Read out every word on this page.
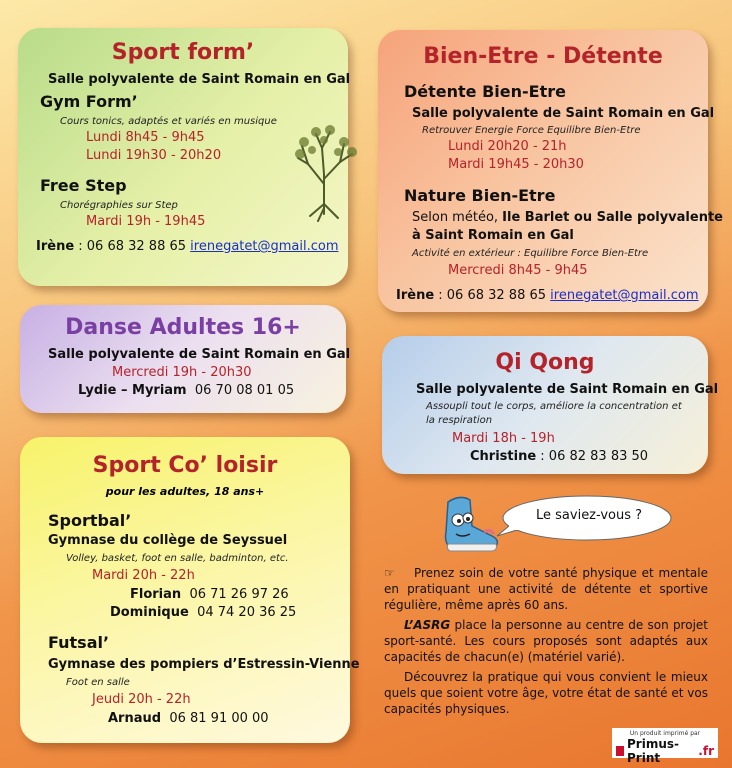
Sport form’
Salle polyvalente de Saint Romain en Gal
Gym Form’
Cours tonics, adaptés et variés en musique
Lundi 8h45 - 9h45
Lundi 19h30 - 20h20
Free Step
Chorégraphies sur Step
Mardi 19h - 19h45
Irène : 06 68 32 88 65 irenegatet@gmail.com
Bien-Etre - Détente
Détente Bien-Etre
Salle polyvalente de Saint Romain en Gal
Retrouver Energie Force Equilibre Bien-Etre
Lundi 20h20 - 21h
Mardi 19h45 - 20h30
Nature Bien-Etre
Selon météo, Ile Barlet ou Salle polyvalente
à Saint Romain en Gal
Activité en extérieur : Equilibre Force Bien-Etre
Mercredi 8h45 - 9h45
Irène : 06 68 32 88 65 irenegatet@gmail.com
Danse Adultes 16+
Salle polyvalente de Saint Romain en Gal
Mercredi 19h - 20h30
Lydie – Myriam 06 70 08 01 05
Qi Qong
Salle polyvalente de Saint Romain en Gal
Assoupli tout le corps, améliore la concentration et
la respiration
Mardi 18h - 19h
Christine : 06 82 83 83 50
Sport Co’ loisir
pour les adultes, 18 ans+
Sportbal’
Gymnase du collège de Seyssuel
Volley, basket, foot en salle, badminton, etc.
Mardi 20h - 22h
Florian 06 71 26 97 26
Dominique 04 74 20 36 25
Futsal’
Gymnase des pompiers d’Estressin-Vienne
Foot en salle
Jeudi 20h - 22h
Arnaud 06 81 91 00 00
Le saviez-vous ?

☞ Prenez soin de votre santé physique et mentale en pratiquant une activité de détente et sportive régulière, même après 60 ans.

L’ASRG place la personne au centre de son projet sport-santé. Les cours proposés sont adaptés aux capacités de chacun(e) (matériel varié).

Découvrez la pratique qui vous convient le mieux quels que soient votre âge, votre état de santé et vos capacités physiques.

Un produit imprimé par
Primus-Print	.fr
